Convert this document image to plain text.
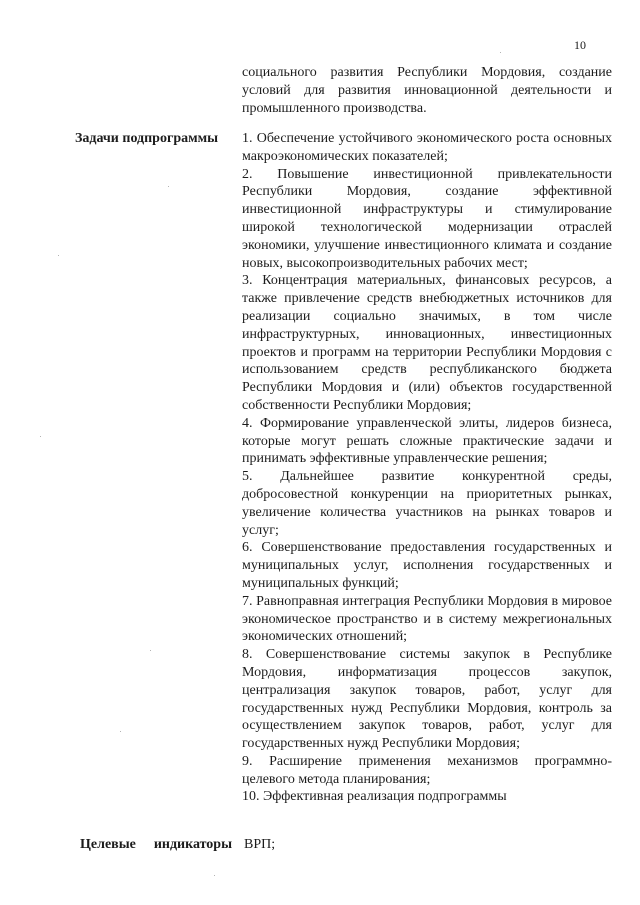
10

социального развития Республики Мордовия, создание условий для развития инновационной деятельности и промышленного производства.

Задачи подпрограммы 1. Обеспечение устойчивого экономического роста основных макроэкономических показателей;
2. Повышение инвестиционной привлекательности Республики Мордовия, создание эффективной инвестиционной инфраструктуры и стимулирование широкой технологической модернизации отраслей экономики, улучшение инвестиционного климата и создание новых, высокопроизводительных рабочих мест;
3. Концентрация материальных, финансовых ресурсов, а также привлечение средств внебюджетных источников для реализации социально значимых, в том числе инфраструктурных, инновационных, инвестиционных проектов и программ на территории Республики Мордовия с использованием средств республиканского бюджета Республики Мордовия и (или) объектов государственной собственности Республики Мордовия;
4. Формирование управленческой элиты, лидеров бизнеса, которые могут решать сложные практические задачи и принимать эффективные управленческие решения;
5. Дальнейшее развитие конкурентной среды, добросовестной конкуренции на приоритетных рынках, увеличение количества участников на рынках товаров и услуг;
6. Совершенствование предоставления государственных и муниципальных услуг, исполнения государственных и муниципальных функций;
7. Равноправная интеграция Республики Мордовия в мировое экономическое пространство и в систему межрегиональных экономических отношений;
8. Совершенствование системы закупок в Республике Мордовия, информатизация процессов закупок, централизация закупок товаров, работ, услуг для государственных нужд Республики Мордовия, контроль за осуществлением закупок товаров, работ, услуг для государственных нужд Республики Мордовия;
9. Расширение применения механизмов программно-целевого метода планирования;
10. Эффективная реализация подпрограммы
Целевые индикаторы ВРП;
